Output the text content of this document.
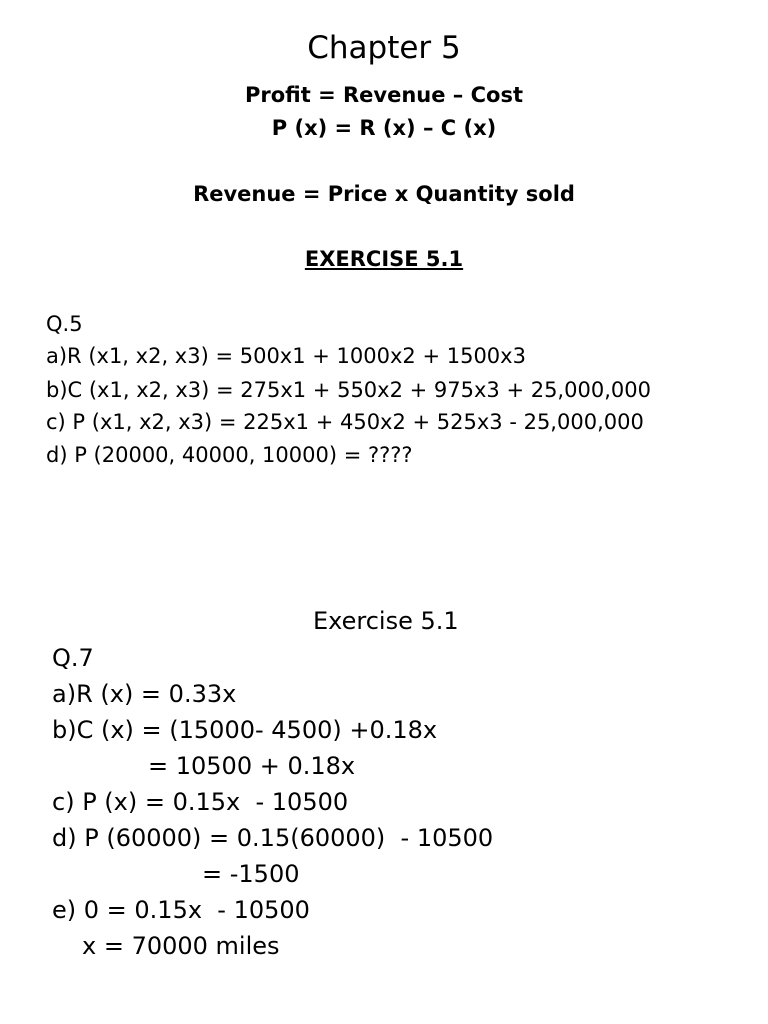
Chapter 5
Profit = Revenue – Cost
P (x) = R (x) – C (x)
Revenue = Price x Quantity sold
EXERCISE 5.1
Q.5
a)R (x1, x2, x3) = 500x1 + 1000x2 + 1500x3
b)C (x1, x2, x3) = 275x1 + 550x2 + 975x3 + 25,000,000
c) P (x1, x2, x3) = 225x1 + 450x2 + 525x3 - 25,000,000
d) P (20000, 40000, 10000) = ????
Exercise 5.1
Q.7
a)R (x) = 0.33x
b)C (x) = (15000- 4500) +0.18x
= 10500 + 0.18x
c) P (x) = 0.15x  - 10500
d) P (60000) = 0.15(60000)  - 10500
= -1500
e) 0 = 0.15x  - 10500
x = 70000 miles
